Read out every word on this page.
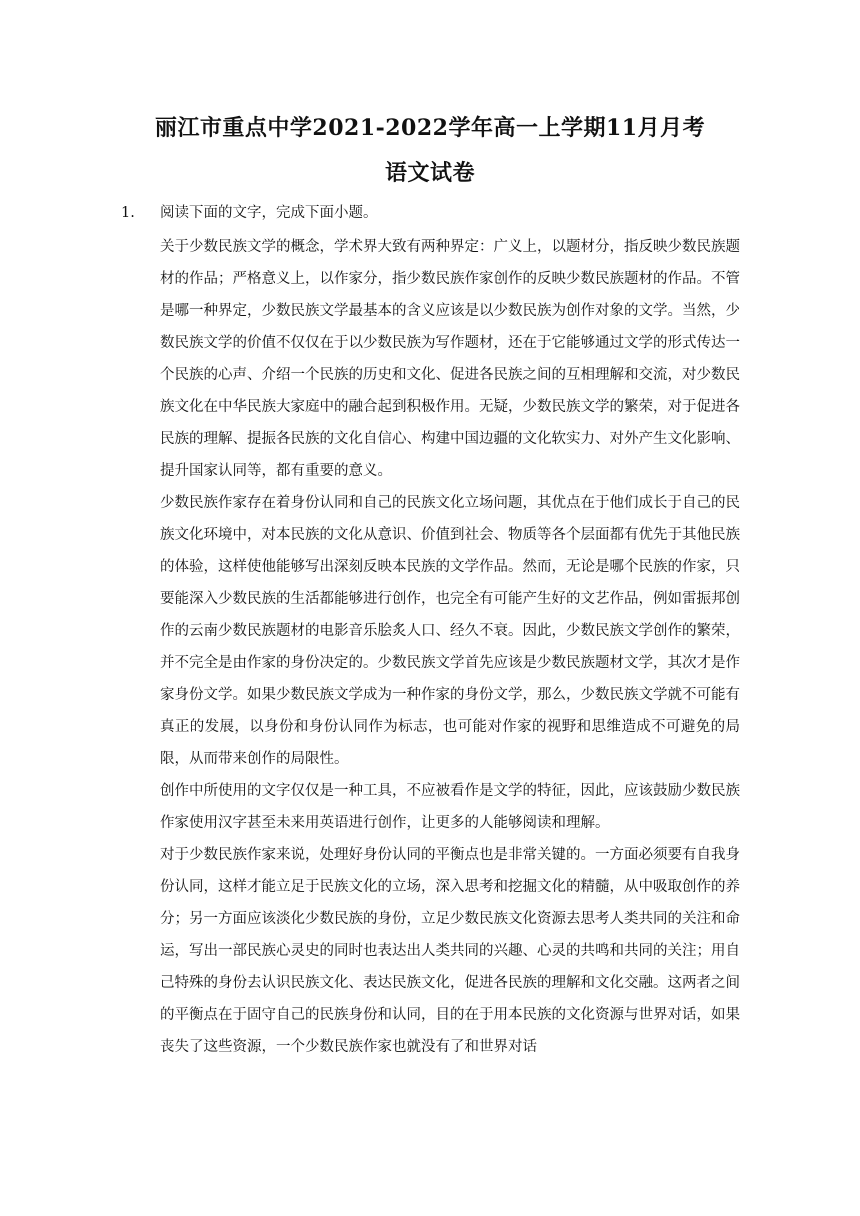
丽江市重点中学2021-2022学年高一上学期11月月考
语文试卷

1. 阅读下面的文字，完成下面小题。

关于少数民族文学的概念，学术界大致有两种界定：广义上，以题材分，指反映少数民族题材的作品；严格意义上，以作家分，指少数民族作家创作的反映少数民族题材的作品。不管是哪一种界定，少数民族文学最基本的含义应该是以少数民族为创作对象的文学。当然，少数民族文学的价值不仅仅在于以少数民族为写作题材，还在于它能够通过文学的形式传达一个民族的心声、介绍一个民族的历史和文化、促进各民族之间的互相理解和交流，对少数民族文化在中华民族大家庭中的融合起到积极作用。无疑，少数民族文学的繁荣，对于促进各民族的理解、提振各民族的文化自信心、构建中国边疆的文化软实力、对外产生文化影响、提升国家认同等，都有重要的意义。

少数民族作家存在着身份认同和自己的民族文化立场问题，其优点在于他们成长于自己的民族文化环境中，对本民族的文化从意识、价值到社会、物质等各个层面都有优先于其他民族的体验，这样使他能够写出深刻反映本民族的文学作品。然而，无论是哪个民族的作家，只要能深入少数民族的生活都能够进行创作，也完全有可能产生好的文艺作品，例如雷振邦创作的云南少数民族题材的电影音乐脍炙人口、经久不衰。因此，少数民族文学创作的繁荣，并不完全是由作家的身份决定的。少数民族文学首先应该是少数民族题材文学，其次才是作家身份文学。如果少数民族文学成为一种作家的身份文学，那么，少数民族文学就不可能有真正的发展，以身份和身份认同作为标志，也可能对作家的视野和思维造成不可避免的局限，从而带来创作的局限性。

创作中所使用的文字仅仅是一种工具，不应被看作是文学的特征，因此，应该鼓励少数民族作家使用汉字甚至未来用英语进行创作，让更多的人能够阅读和理解。

对于少数民族作家来说，处理好身份认同的平衡点也是非常关键的。一方面必须要有自我身份认同，这样才能立足于民族文化的立场，深入思考和挖掘文化的精髓，从中吸取创作的养分；另一方面应该淡化少数民族的身份，立足少数民族文化资源去思考人类共同的关注和命运，写出一部民族心灵史的同时也表达出人类共同的兴趣、心灵的共鸣和共同的关注；用自己特殊的身份去认识民族文化、表达民族文化，促进各民族的理解和文化交融。这两者之间的平衡点在于固守自己的民族身份和认同，目的在于用本民族的文化资源与世界对话，如果丧失了这些资源，一个少数民族作家也就没有了和世界对话
